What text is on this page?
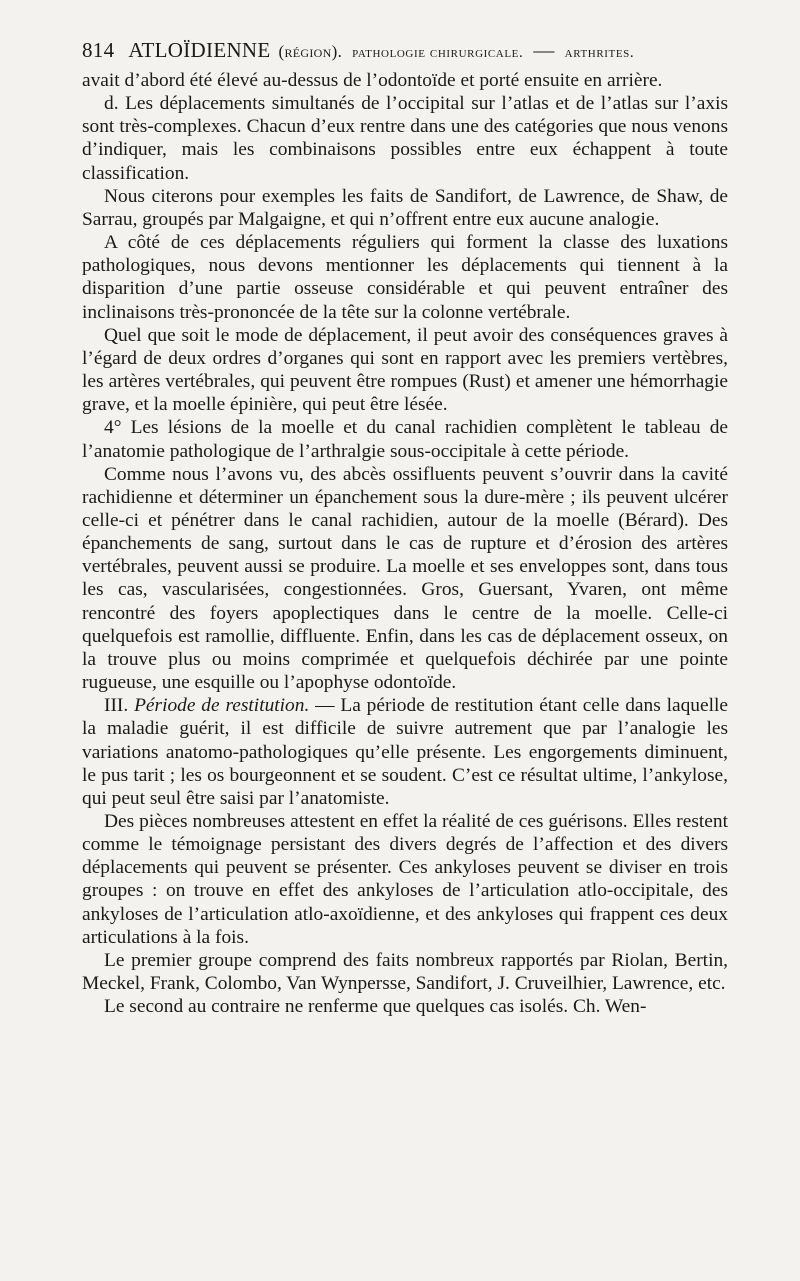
814 ATLOÏDIENNE (région). pathologie chirurgicale. — arthrites.

avait d’abord été élevé au-dessus de l’odontoïde et porté ensuite en arrière.

d. Les déplacements simultanés de l’occipital sur l’atlas et de l’atlas sur l’axis sont très-complexes. Chacun d’eux rentre dans une des catégories que nous venons d’indiquer, mais les combinaisons possibles entre eux échappent à toute classification.

Nous citerons pour exemples les faits de Sandifort, de Lawrence, de Shaw, de Sarrau, groupés par Malgaigne, et qui n’offrent entre eux aucune analogie.

A côté de ces déplacements réguliers qui forment la classe des luxations pathologiques, nous devons mentionner les déplacements qui tiennent à la disparition d’une partie osseuse considérable et qui peuvent entraîner des inclinaisons très-prononcée de la tête sur la colonne vertébrale.

Quel que soit le mode de déplacement, il peut avoir des conséquences graves à l’égard de deux ordres d’organes qui sont en rapport avec les premiers vertèbres, les artères vertébrales, qui peuvent être rompues (Rust) et amener une hémorrhagie grave, et la moelle épinière, qui peut être lésée.

4° Les lésions de la moelle et du canal rachidien complètent le tableau de l’anatomie pathologique de l’arthralgie sous-occipitale à cette période.

Comme nous l’avons vu, des abcès ossifluents peuvent s’ouvrir dans la cavité rachidienne et déterminer un épanchement sous la dure-mère ; ils peuvent ulcérer celle-ci et pénétrer dans le canal rachidien, autour de la moelle (Bérard). Des épanchements de sang, surtout dans le cas de rupture et d’érosion des artères vertébrales, peuvent aussi se produire. La moelle et ses enveloppes sont, dans tous les cas, vascularisées, congestionnées. Gros, Guersant, Yvaren, ont même rencontré des foyers apoplectiques dans le centre de la moelle. Celle-ci quelquefois est ramollie, diffluente. Enfin, dans les cas de déplacement osseux, on la trouve plus ou moins comprimée et quelquefois déchirée par une pointe rugueuse, une esquille ou l’apophyse odontoïde.

III. Période de restitution. — La période de restitution étant celle dans laquelle la maladie guérit, il est difficile de suivre autrement que par l’analogie les variations anatomo-pathologiques qu’elle présente. Les engorgements diminuent, le pus tarit ; les os bourgeonnent et se soudent. C’est ce résultat ultime, l’ankylose, qui peut seul être saisi par l’anatomiste.

Des pièces nombreuses attestent en effet la réalité de ces guérisons. Elles restent comme le témoignage persistant des divers degrés de l’affection et des divers déplacements qui peuvent se présenter. Ces ankyloses peuvent se diviser en trois groupes : on trouve en effet des ankyloses de l’articulation atlo-occipitale, des ankyloses de l’articulation atlo-axoïdienne, et des ankyloses qui frappent ces deux articulations à la fois.

Le premier groupe comprend des faits nombreux rapportés par Riolan, Bertin, Meckel, Frank, Colombo, Van Wynpersse, Sandifort, J. Cruveilhier, Lawrence, etc.

Le second au contraire ne renferme que quelques cas isolés. Ch. Wen-
